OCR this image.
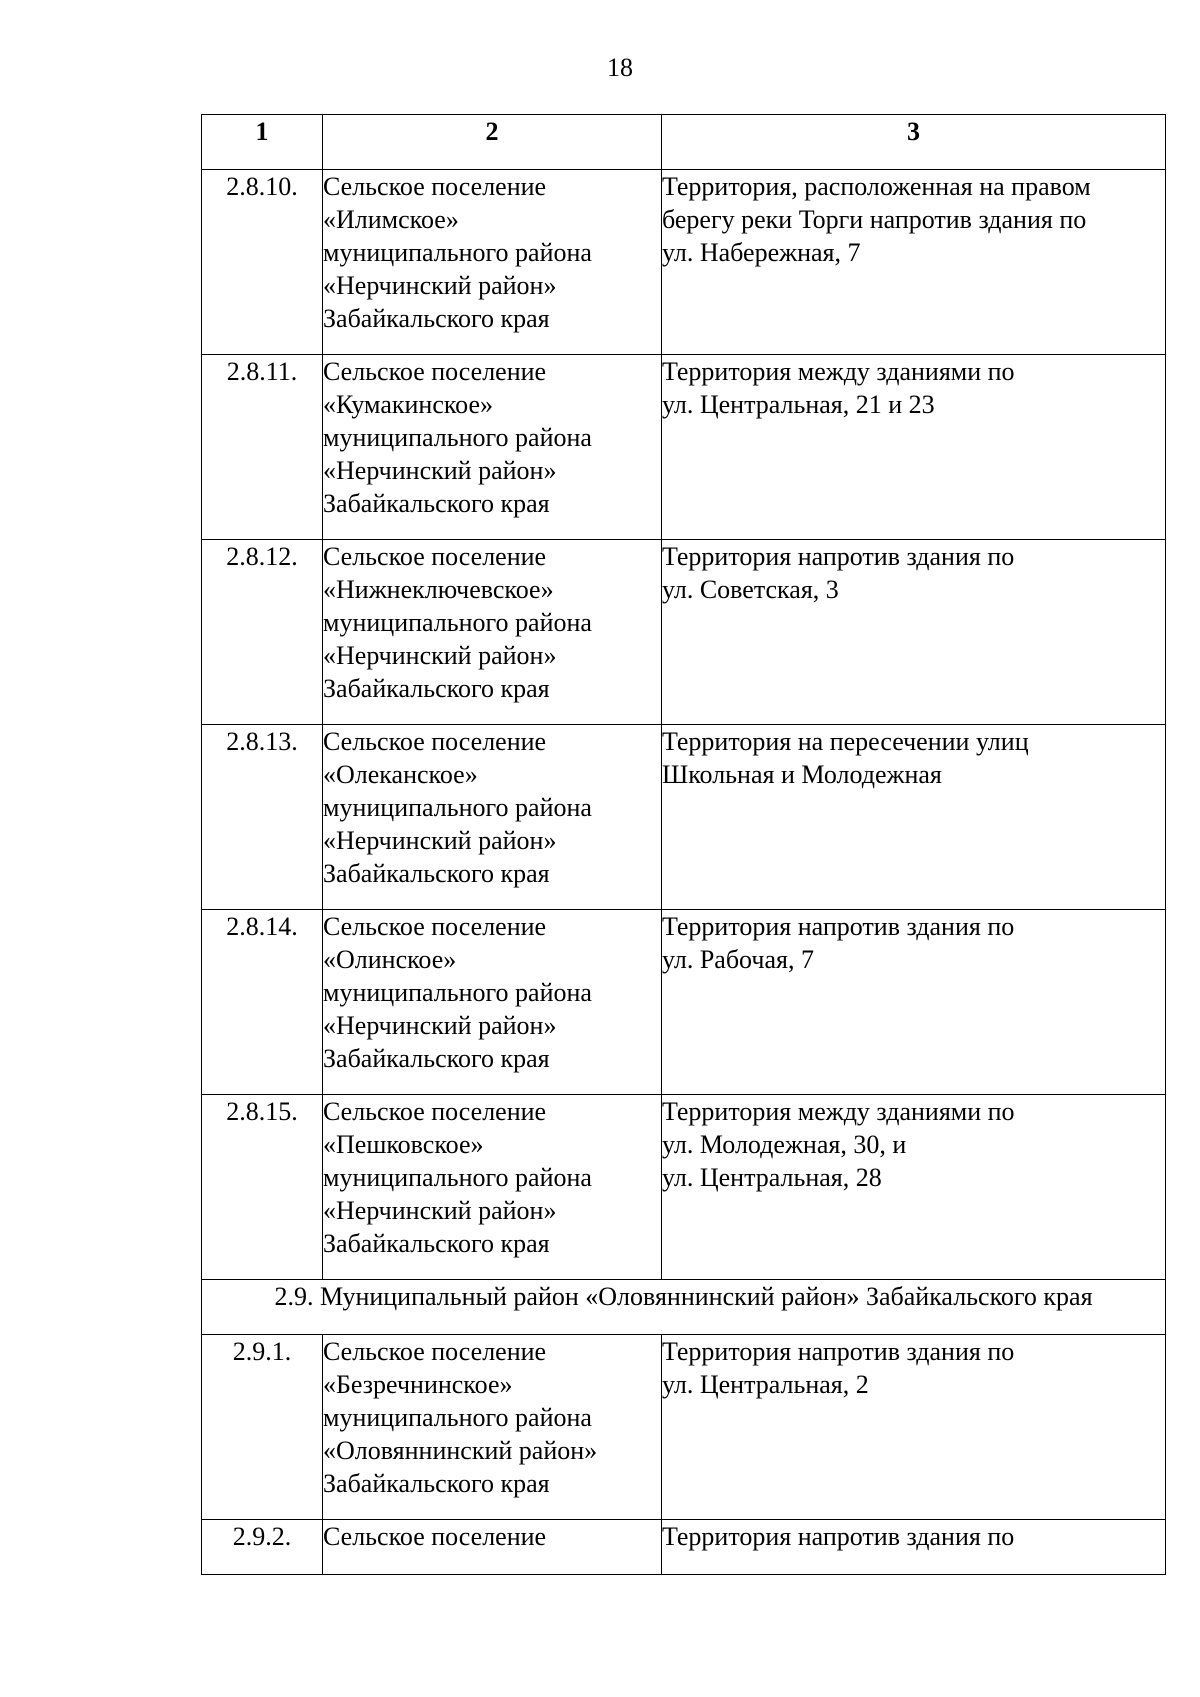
18
1	2	3
2.8.10.	Сельское поселение
«Илимское»
муниципального района
«Нерчинский район»
Забайкальского края	Территория, расположенная на правом
берегу реки Торги напротив здания по
ул. Набережная, 7

2.8.11.	Сельское поселение
«Кумакинское»
муниципального района
«Нерчинский район»
Забайкальского края	Территория между зданиями по
ул. Центральная, 21 и 23

2.8.12.	Сельское поселение
«Нижнеключевское»
муниципального района
«Нерчинский район»
Забайкальского края	Территория напротив здания по
ул. Советская, 3

2.8.13.	Сельское поселение
«Олеканское»
муниципального района
«Нерчинский район»
Забайкальского края	Территория на пересечении улиц
Школьная и Молодежная

2.8.14.	Сельское поселение
«Олинское»
муниципального района
«Нерчинский район»
Забайкальского края	Территория напротив здания по
ул. Рабочая, 7

2.8.15.	Сельское поселение
«Пешковское»
муниципального района
«Нерчинский район»
Забайкальского края	Территория между зданиями по
ул. Молодежная, 30, и
ул. Центральная, 28

2.9. Муниципальный район «Оловяннинский район» Забайкальского края		
2.9.1.	Сельское поселение
«Безречнинское»
муниципального района
«Оловяннинский район»
Забайкальского края	Территория напротив здания по
ул. Центральная, 2

2.9.2.	Сельское поселение	Территория напротив здания по
